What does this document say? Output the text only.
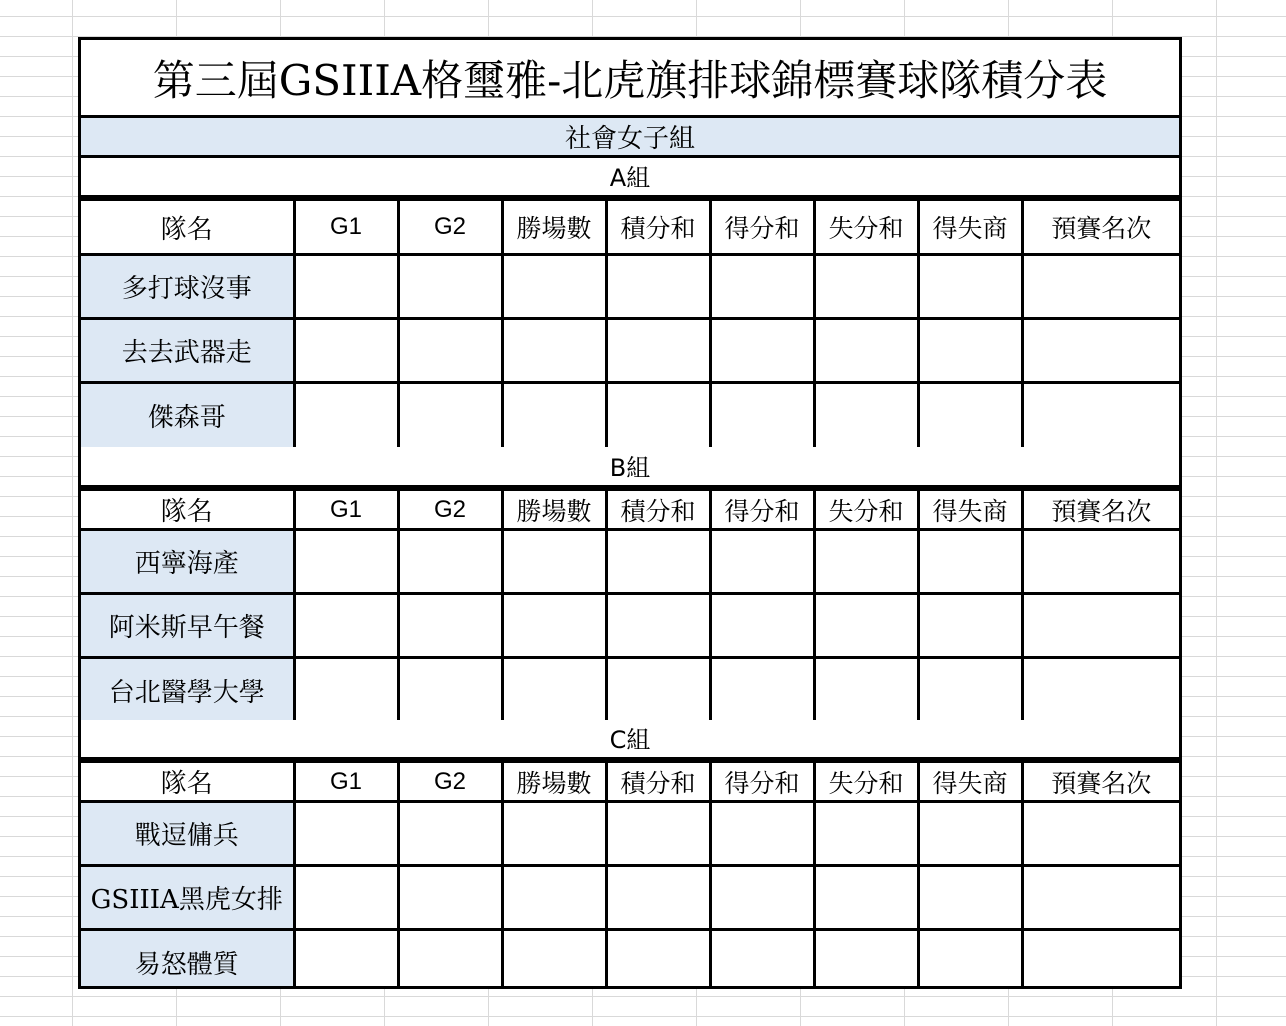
第三屆GSIIIA格璽雅-北虎旗排球錦標賽球隊積分表
社會女子組
A組
隊名	G1	G2	勝場數	積分和	得分和	失分和	得失商	預賽名次
多打球沒事								
去去武器走								
傑森哥								
B組
隊名	G1	G2	勝場數	積分和	得分和	失分和	得失商	預賽名次
西寧海產								
阿米斯早午餐								
台北醫學大學								
C組
隊名	G1	G2	勝場數	積分和	得分和	失分和	得失商	預賽名次
戰逗傭兵								
GSIIIA黑虎女排								
易怒體質								
